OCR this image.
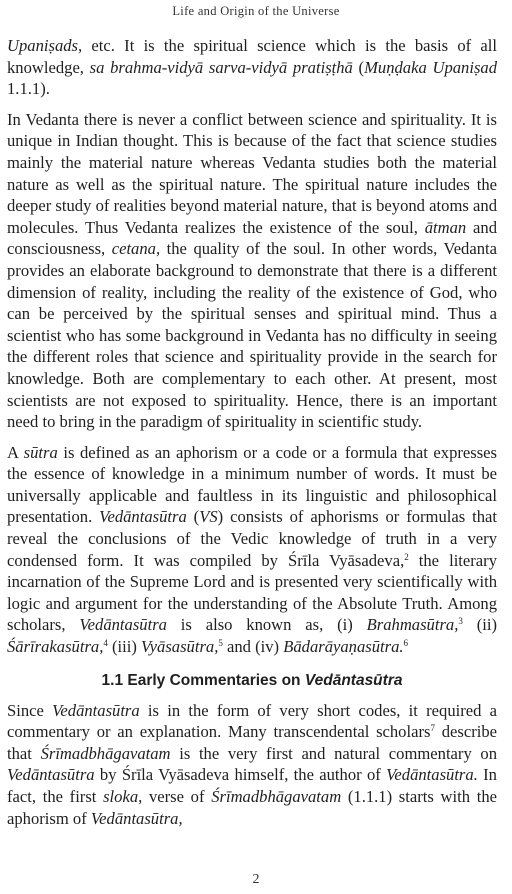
Life and Origin of the Universe

Upaniṣads, etc. It is the spiritual science which is the basis of all knowledge, sa brahma-vidyā sarva-vidyā pratiṣṭhā (Muṇḍaka Upaniṣad 1.1.1).

In Vedanta there is never a conflict between science and spirituality. It is unique in Indian thought. This is because of the fact that science studies mainly the material nature whereas Vedanta studies both the material nature as well as the spiritual nature. The spiritual nature includes the deeper study of realities beyond material nature, that is beyond atoms and molecules. Thus Vedanta realizes the existence of the soul, ātman and consciousness, cetana, the quality of the soul. In other words, Vedanta provides an elaborate background to demonstrate that there is a different dimension of reality, including the reality of the existence of God, who can be perceived by the spiritual senses and spiritual mind. Thus a scientist who has some background in Vedanta has no difficulty in seeing the different roles that science and spirituality provide in the search for knowledge. Both are complementary to each other. At present, most scientists are not exposed to spirituality. Hence, there is an important need to bring in the paradigm of spirituality in scientific study.

A sūtra is defined as an aphorism or a code or a formula that expresses the essence of knowledge in a minimum number of words. It must be universally applicable and faultless in its linguistic and philosophical presentation. Vedāntasūtra (VS) consists of aphorisms or formulas that reveal the conclusions of the Vedic knowledge of truth in a very condensed form. It was compiled by Śrīla Vyāsadeva,$^2$ the literary incarnation of the Supreme Lord and is presented very scientifically with logic and argument for the understanding of the Absolute Truth. Among scholars, Vedāntasūtra is also known as, (i) Brahmasūtra,$^3$ (ii) Śārīrakasūtra,$^4$ (iii) Vyāsasūtra,$^5$ and (iv) Bādarāyaṇasūtra.$^6$

1.1 Early Commentaries on Vedāntasūtra

Since Vedāntasūtra is in the form of very short codes, it required a commentary or an explanation. Many transcendental scholars$^7$ describe that Śrīmadbhāgavatam is the very first and natural commentary on Vedāntasūtra by Śrīla Vyāsadeva himself, the author of Vedāntasūtra. In fact, the first sloka, verse of Śrīmadbhāgavatam (1.1.1) starts with the aphorism of Vedāntasūtra,

2
